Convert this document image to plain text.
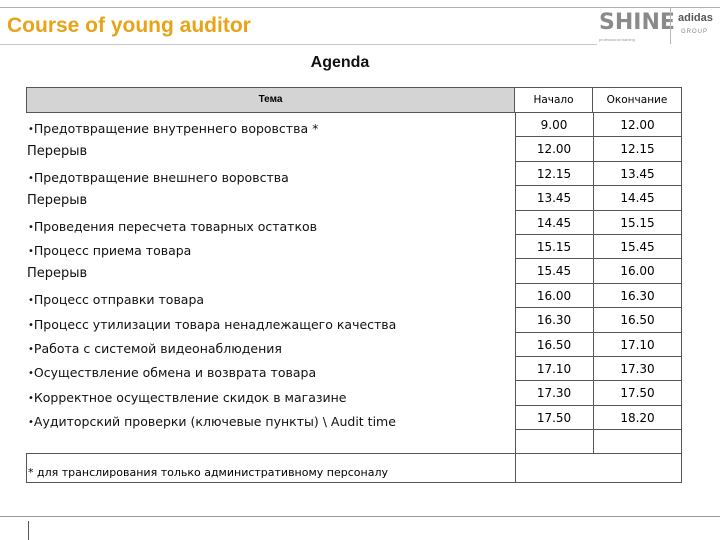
Course of young auditor	SHINE
professional training
adidas
GROUP
Agenda
Тема	Начало	Окончание
•Предотвращение внутреннего воровства *	9.00	12.00
Перерыв	12.00	12.15
•Предотвращение внешнего воровства	12.15	13.45
Перерыв	13.45	14.45
•Проведения пересчета товарных остатков	14.45	15.15
•Процесс приема товара	15.15	15.45
Перерыв	15.45	16.00
•Процесс отправки товара	16.00	16.30
•Процесс утилизации товара ненадлежащего качества	16.30	16.50
•Работа с системой видеонаблюдения	16.50	17.10
•Осуществление обмена и возврата товара	17.10	17.30
•Корректное осуществление скидок в магазине	17.30	17.50
•Аудиторский проверки (ключевые пункты) \ Audit time	17.50	18.20
* для транслирования только административному персоналу
